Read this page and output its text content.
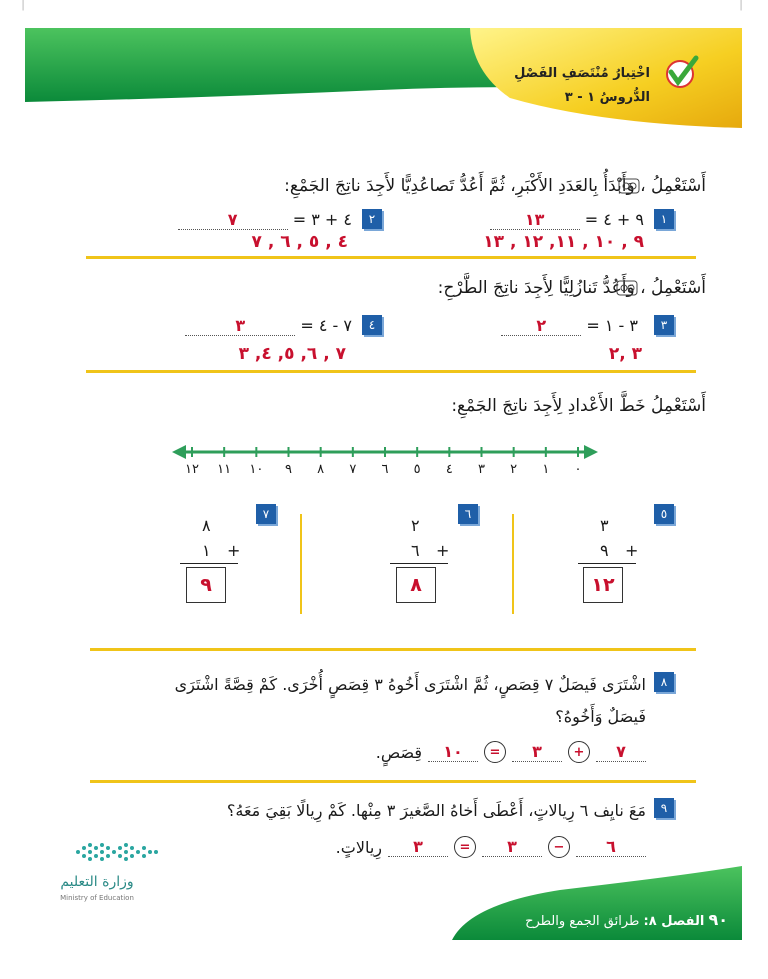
│	│
اخْتِبارُ مُنْتَصَفِ الفَصْلِ
الدُّروسُ ١ - ٣
أَسْتَعْمِلُ ، وَأَبْدَأُ بِالعَدَدِ الأَكْبَرِ، ثُمَّ أَعُدُّ تَصاعُدِيًّا لأَجِدَ ناتِجَ الجَمْعِ:
١
٩ + ٤ = ١٣
٩ , ١٠ , ١١, ١٢ , ١٣
٢
٤ + ٣ = ٧
٤ , ٥ , ٦ , ٧
أَسْتَعْمِلُ ، وَأَعُدُّ تَنازُلِيًّا لِأَجِدَ ناتِجَ الطَّرْحِ:
٣
٣ - ١ = ٢
٣ ,٢
٤
٧ - ٤ = ٣
٧ , ٦, ٥, ٤, ٣
أَسْتَعْمِلُ خَطَّ الأَعْدادِ لِأَجِدَ ناتِجَ الجَمْعِ:
١٢ ١١ ١٠	٩	٨	٧	٦	٥	٤	٣	٢	١	٠
٥
٣
٩ +
١٢
٦
٢
٦ +
٨
٧
٨
١ +
٩
٨
اشْتَرَى فَيصَلٌ ٧ قِصَصٍ، ثُمَّ اشْتَرَى أَخُوهُ ٣ قِصَصٍ أُخْرَى. كَمْ قِصَّةً اشْتَرَى
فَيصَلٌ وَأَخُوهُ؟
٧
+
٣
=
١٠
قِصَصٍ.
٩
مَعَ نايِف ٦ رِيالاتٍ، أَعْطَى أَخاهُ الصَّغيرَ ٣ مِنْها. كَمْ رِيالًا بَقِيَ مَعَهُ؟
٦
−
٣
=
٣
رِيالاتٍ.
وزارة التعليم
Ministry of Education
٩٠ الفصل ٨: طرائق الجمع والطرح
